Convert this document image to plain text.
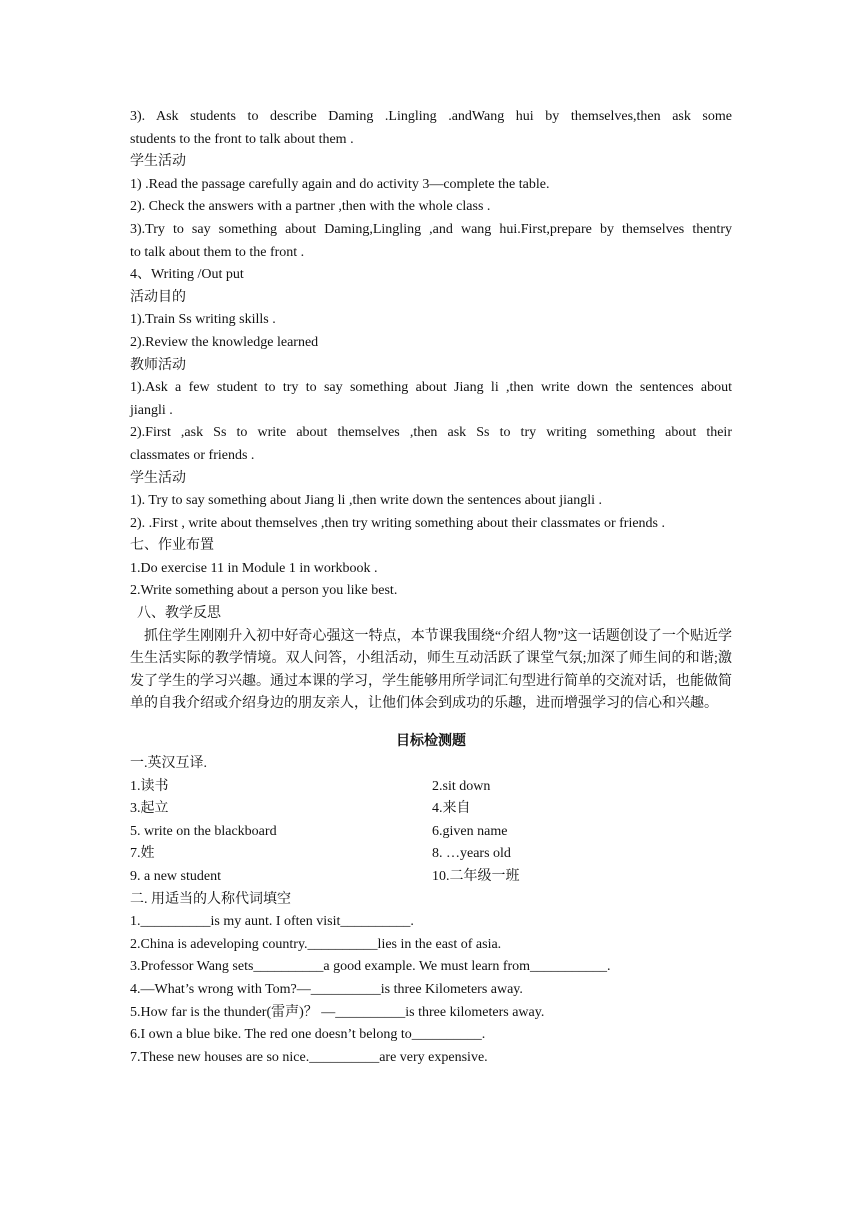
3). Ask students to describe Daming .Lingling .andWang hui by themselves,then ask some
students to the front to talk about them .
学生活动
1) .Read the passage carefully again and do activity 3—complete the table.
2). Check the answers with a partner ,then with the whole class .
3).Try to say something about Daming,Lingling ,and wang hui.First,prepare by themselves thentry
to talk about them to the front .
4、Writing /Out put
活动目的
1).Train Ss writing skills .
2).Review the knowledge learned
教师活动
1).Ask a few student to try to say something about Jiang li ,then write down the sentences about
jiangli .
2).First ,ask Ss to write about themselves ,then ask Ss to try writing something about their
classmates or friends .
学生活动
1). Try to say something about Jiang li ,then write down the sentences about jiangli .
2). .First , write about themselves ,then try writing something about their classmates or friends .
七、作业布置
1.Do exercise 11 in Module 1 in workbook .
2.Write something about a person you like best.
八、教学反思
抓住学生刚刚升入初中好奇心强这一特点，本节课我围绕“介绍人物”这一话题创设了一个贴近学生生活实际的教学情境。双人问答，小组活动，师生互动活跃了课堂气氛;加深了师生间的和谐;激发了学生的学习兴趣。通过本课的学习，学生能够用所学词汇句型进行简单的交流对话，也能做简单的自我介绍或介绍身边的朋友亲人，让他们体会到成功的乐趣，进而增强学习的信心和兴趣。
目标检测题
一.英汉互译.
1.读书	2.sit down
3.起立	4.来自
5. write on the blackboard	6.given name
7.姓	8. …years old
9. a new student	10.二年级一班
二. 用适当的人称代词填空
1.__________is my aunt. I often visit__________.
2.China is adeveloping country.__________lies in the east of asia.
3.Professor Wang sets__________a good example. We must learn from___________.
4.—What’s wrong with Tom?—__________is three Kilometers away.
5.How far is the thunder(雷声)？ —__________is three kilometers away.
6.I own a blue bike. The red one doesn’t belong to__________.
7.These new houses are so nice.__________are very expensive.
